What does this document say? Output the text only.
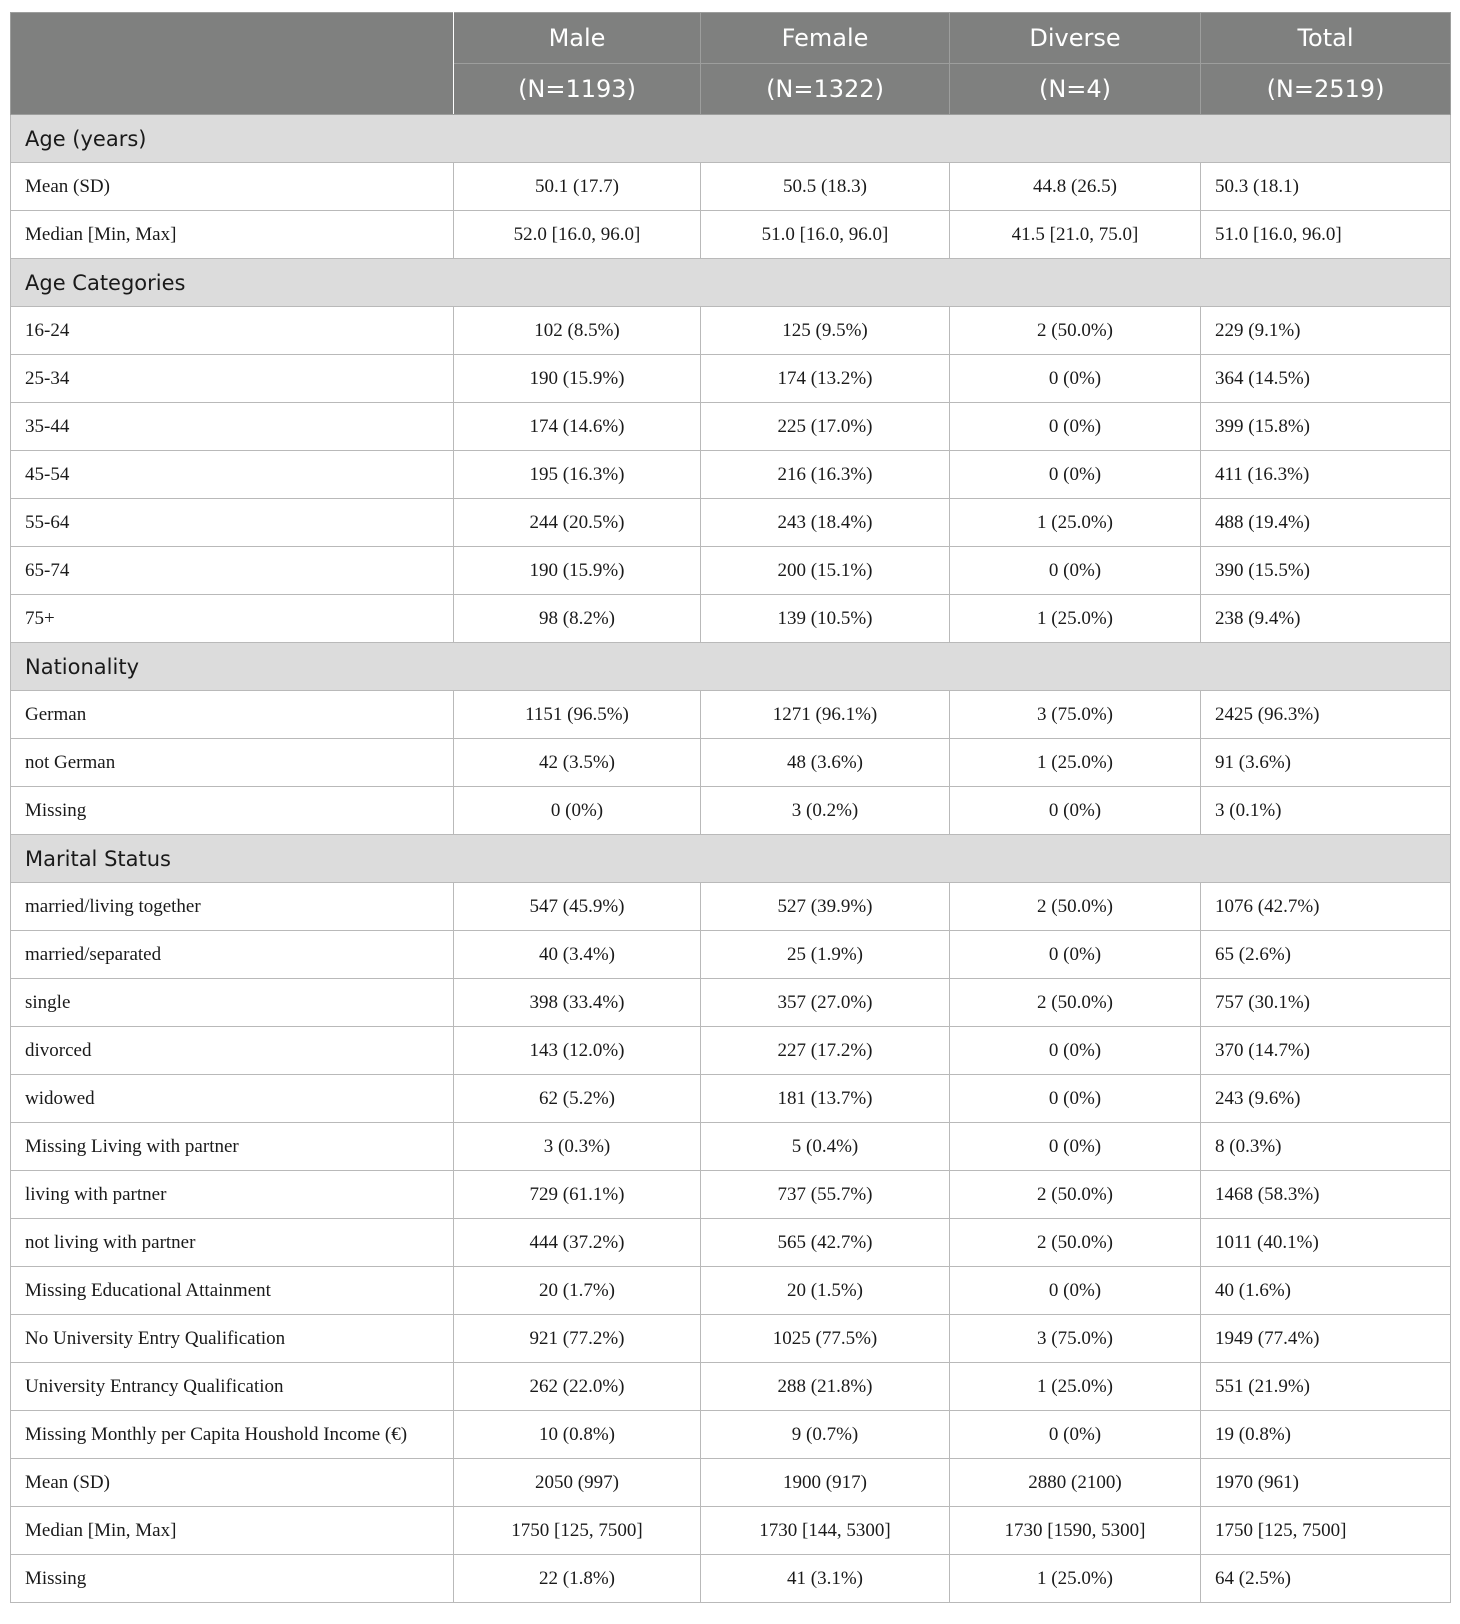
	Male	Female	Diverse	Total
	(N=1193)	(N=1322)	(N=4)	(N=2519)
Age (years)				
Mean (SD)	50.1 (17.7)	50.5 (18.3)	44.8 (26.5)	50.3 (18.1)
Median [Min, Max]	52.0 [16.0, 96.0]	51.0 [16.0, 96.0]	41.5 [21.0, 75.0]	51.0 [16.0, 96.0]
Age Categories				
16-24	102 (8.5%)	125 (9.5%)	2 (50.0%)	229 (9.1%)
25-34	190 (15.9%)	174 (13.2%)	0 (0%)	364 (14.5%)
35-44	174 (14.6%)	225 (17.0%)	0 (0%)	399 (15.8%)
45-54	195 (16.3%)	216 (16.3%)	0 (0%)	411 (16.3%)
55-64	244 (20.5%)	243 (18.4%)	1 (25.0%)	488 (19.4%)
65-74	190 (15.9%)	200 (15.1%)	0 (0%)	390 (15.5%)
75+	98 (8.2%)	139 (10.5%)	1 (25.0%)	238 (9.4%)
Nationality				
German	1151 (96.5%)	1271 (96.1%)	3 (75.0%)	2425 (96.3%)
not German	42 (3.5%)	48 (3.6%)	1 (25.0%)	91 (3.6%)
Missing	0 (0%)	3 (0.2%)	0 (0%)	3 (0.1%)
Marital Status				
married/living together	547 (45.9%)	527 (39.9%)	2 (50.0%)	1076 (42.7%)
married/separated	40 (3.4%)	25 (1.9%)	0 (0%)	65 (2.6%)
single	398 (33.4%)	357 (27.0%)	2 (50.0%)	757 (30.1%)
divorced	143 (12.0%)	227 (17.2%)	0 (0%)	370 (14.7%)
widowed	62 (5.2%)	181 (13.7%)	0 (0%)	243 (9.6%)
Missing Living with partner	3 (0.3%)	5 (0.4%)	0 (0%)	8 (0.3%)
living with partner	729 (61.1%)	737 (55.7%)	2 (50.0%)	1468 (58.3%)
not living with partner	444 (37.2%)	565 (42.7%)	2 (50.0%)	1011 (40.1%)
Missing Educational Attainment	20 (1.7%)	20 (1.5%)	0 (0%)	40 (1.6%)
No University Entry Qualification	921 (77.2%)	1025 (77.5%)	3 (75.0%)	1949 (77.4%)
University Entrancy Qualification	262 (22.0%)	288 (21.8%)	1 (25.0%)	551 (21.9%)
Missing Monthly per Capita Houshold Income (€)	10 (0.8%)	9 (0.7%)	0 (0%)	19 (0.8%)
Mean (SD)	2050 (997)	1900 (917)	2880 (2100)	1970 (961)
Median [Min, Max]	1750 [125, 7500]	1730 [144, 5300]	1730 [1590, 5300]	1750 [125, 7500]
Missing	22 (1.8%)	41 (3.1%)	1 (25.0%)	64 (2.5%)
